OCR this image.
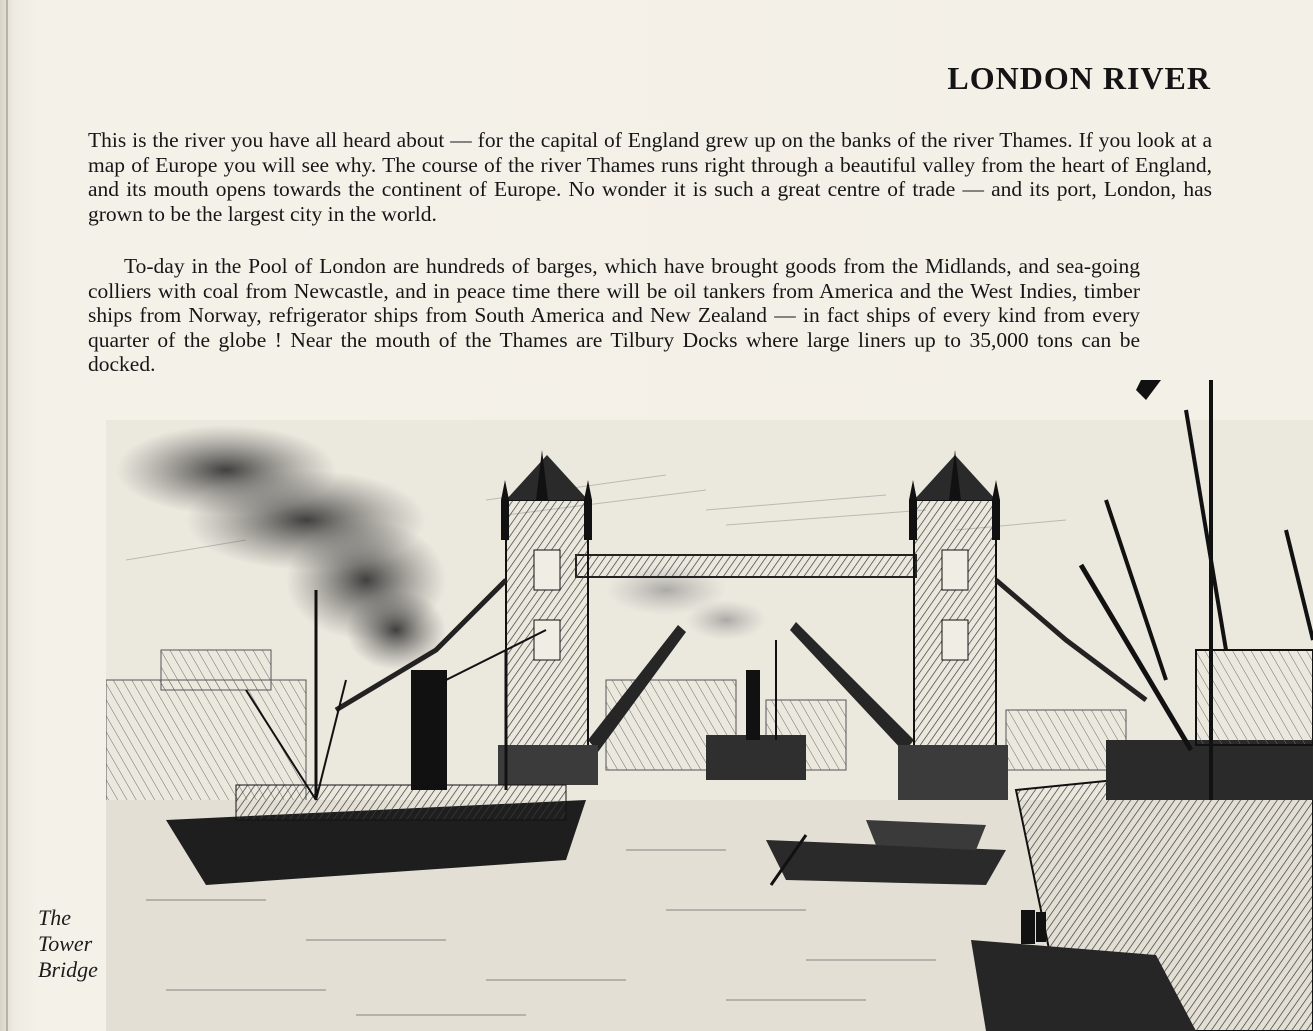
LONDON RIVER

This is the river you have all heard about — for the capital of England grew up on the banks of the river Thames. If you look at a map of Europe you will see why. The course of the river Thames runs right through a beautiful valley from the heart of England, and its mouth opens towards the continent of Europe. No wonder it is such a great centre of trade — and its port, London, has grown to be the largest city in the world.

To-day in the Pool of London are hundreds of barges, which have brought goods from the Midlands, and sea-going colliers with coal from Newcastle, and in peace time there will be oil tankers from America and the West Indies, timber ships from Norway, refrigerator ships from South America and New Zealand — in fact ships of every kind from every quarter of the globe ! Near the mouth of the Thames are Tilbury Docks where large liners up to 35,000 tons can be docked.

The
Tower
Bridge
